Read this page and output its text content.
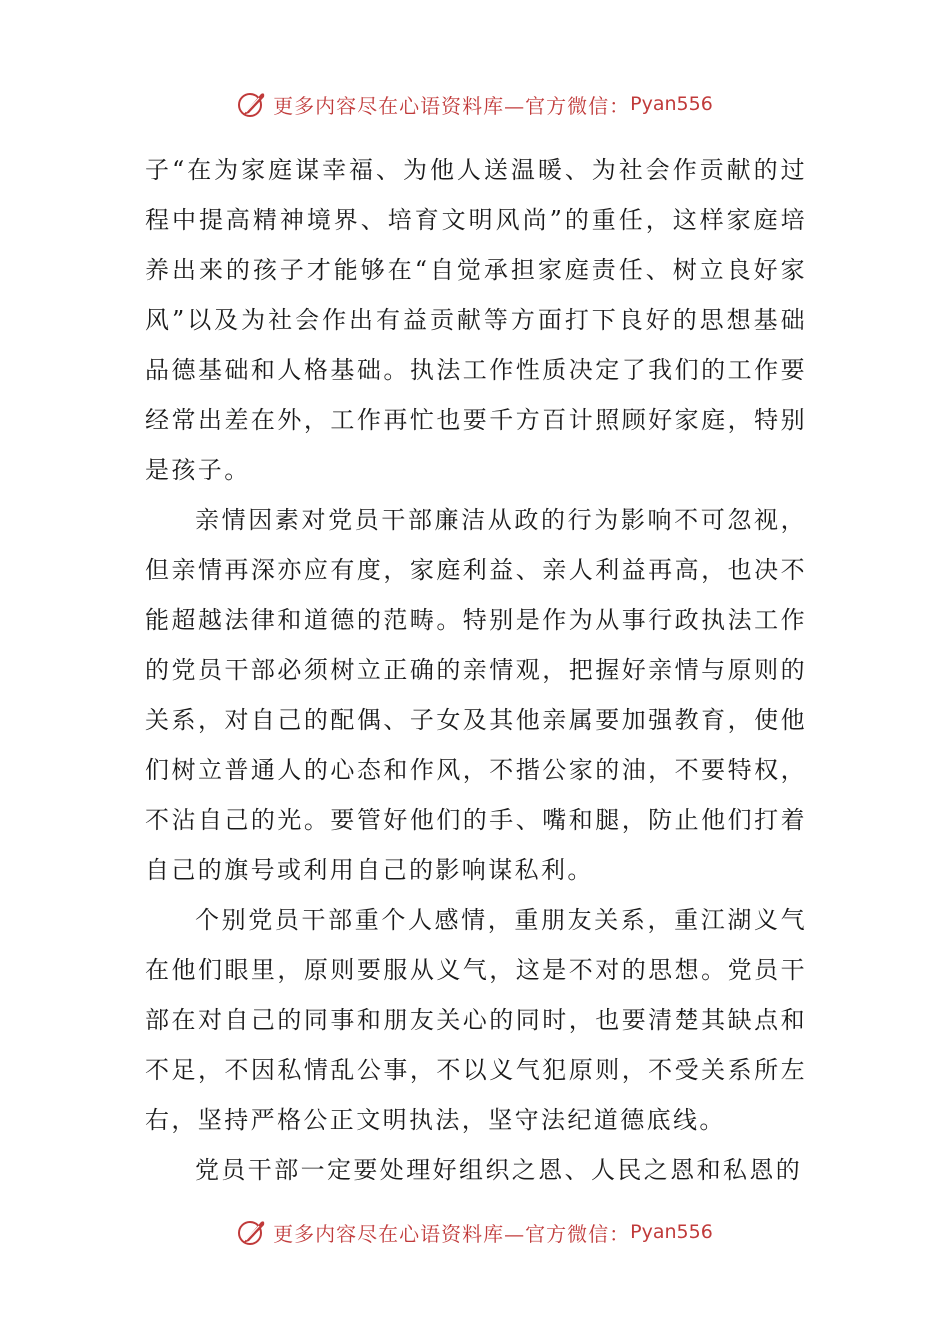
更多内容尽在心语资料库—官方微信： Pyan556

子“在为家庭谋幸福、为他人送温暖、为社会作贡献的过程中提高精神境界、培育文明风尚”的重任，这样家庭培养出来的孩子才能够在“自觉承担家庭责任、树立良好家风”以及为社会作出有益贡献等方面打下良好的思想基础品德基础和人格基础。执法工作性质决定了我们的工作要经常出差在外，工作再忙也要千方百计照顾好家庭，特别是孩子。

亲情因素对党员干部廉洁从政的行为影响不可忽视，但亲情再深亦应有度，家庭利益、亲人利益再高，也决不能超越法律和道德的范畴。特别是作为从事行政执法工作的党员干部必须树立正确的亲情观，把握好亲情与原则的关系，对自己的配偶、子女及其他亲属要加强教育，使他们树立普通人的心态和作风，不揩公家的油，不要特权，不沾自己的光。要管好他们的手、嘴和腿，防止他们打着自己的旗号或利用自己的影响谋私利。

个别党员干部重个人感情，重朋友关系，重江湖义气在他们眼里，原则要服从义气，这是不对的思想。党员干部在对自己的同事和朋友关心的同时，也要清楚其缺点和不足，不因私情乱公事，不以义气犯原则，不受关系所左右，坚持严格公正文明执法，坚守法纪道德底线。

党员干部一定要处理好组织之恩、人民之恩和私恩的

更多内容尽在心语资料库—官方微信： Pyan556
